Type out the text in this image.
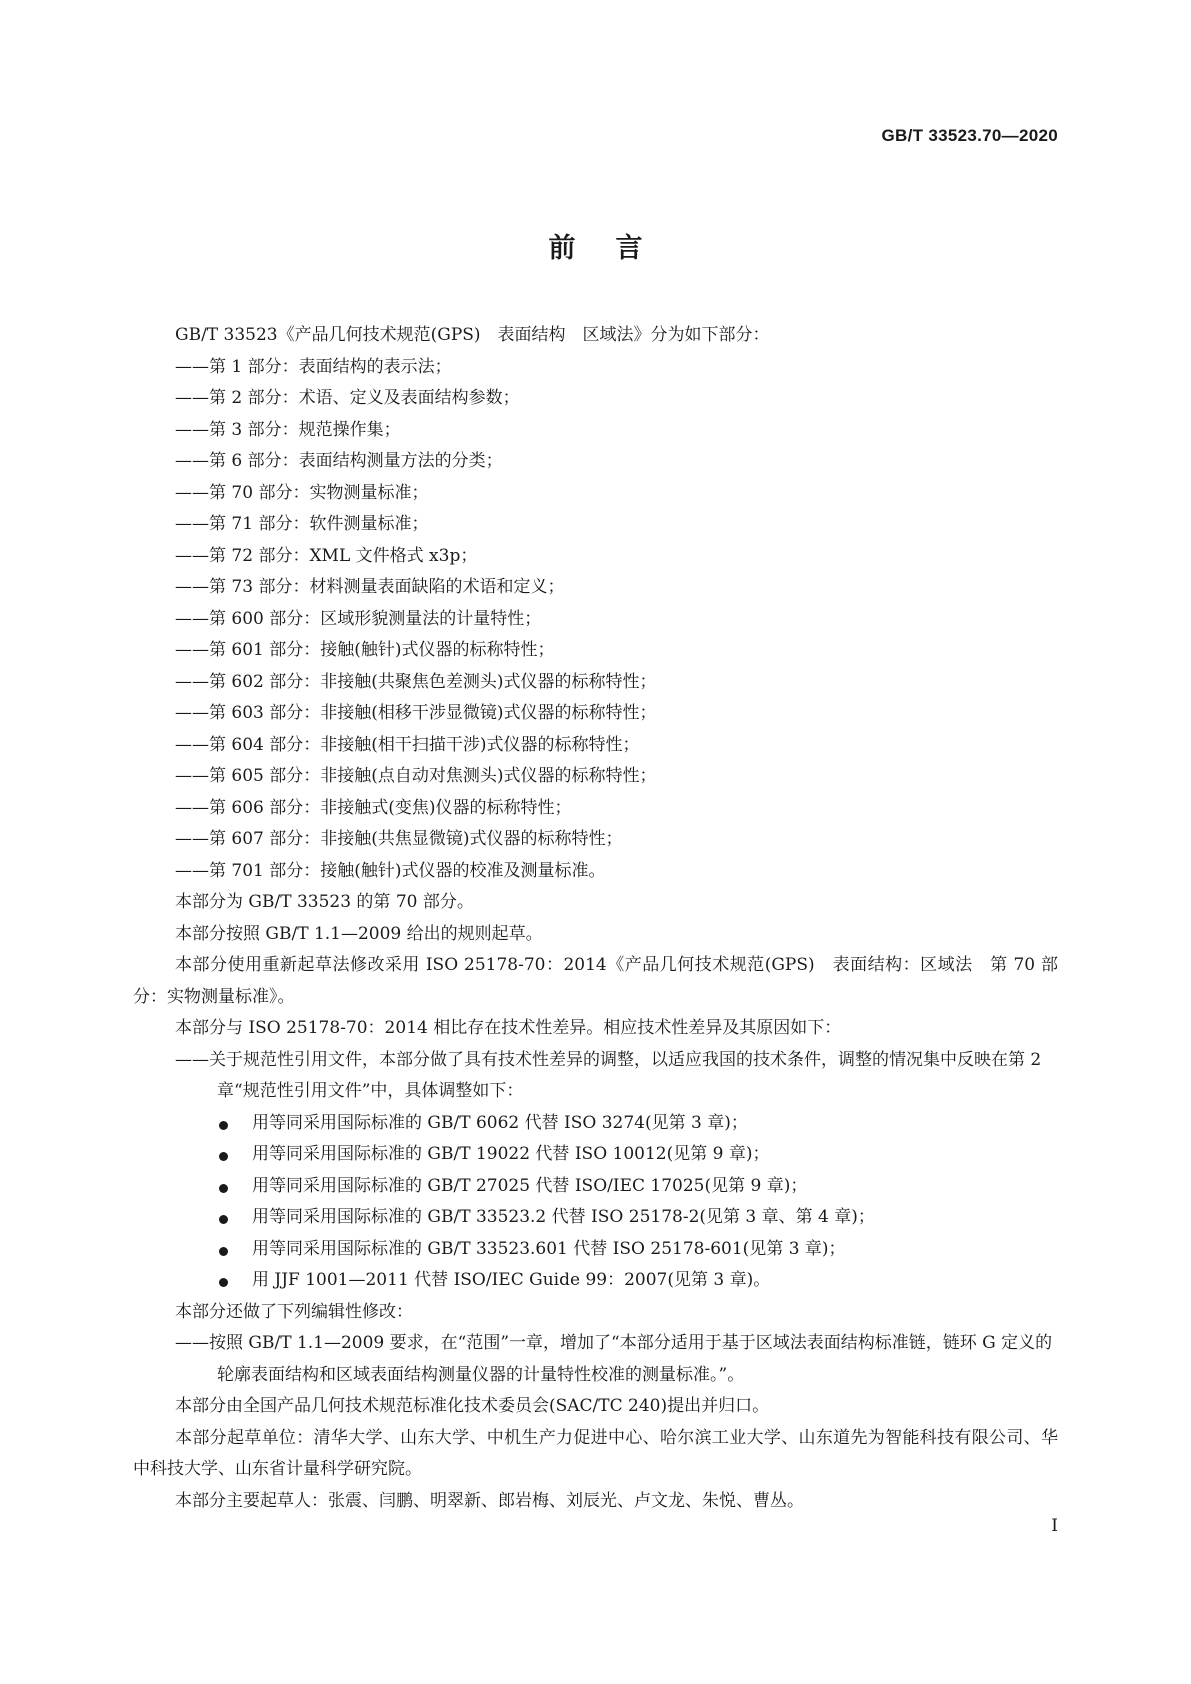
GB/T 33523.70—2020
前言

GB/T 33523《产品几何技术规范(GPS)　表面结构　区域法》分为如下部分：

——第 1 部分：表面结构的表示法；

——第 2 部分：术语、定义及表面结构参数；

——第 3 部分：规范操作集；

——第 6 部分：表面结构测量方法的分类；

——第 70 部分：实物测量标准；

——第 71 部分：软件测量标准；

——第 72 部分：XML 文件格式 x3p；

——第 73 部分：材料测量表面缺陷的术语和定义；

——第 600 部分：区域形貌测量法的计量特性；

——第 601 部分：接触(触针)式仪器的标称特性；

——第 602 部分：非接触(共聚焦色差测头)式仪器的标称特性；

——第 603 部分：非接触(相移干涉显微镜)式仪器的标称特性；

——第 604 部分：非接触(相干扫描干涉)式仪器的标称特性；

——第 605 部分：非接触(点自动对焦测头)式仪器的标称特性；

——第 606 部分：非接触式(变焦)仪器的标称特性；

——第 607 部分：非接触(共焦显微镜)式仪器的标称特性；

——第 701 部分：接触(触针)式仪器的校准及测量标准。

本部分为 GB/T 33523 的第 70 部分。

本部分按照 GB/T 1.1—2009 给出的规则起草。

本部分使用重新起草法修改采用 ISO 25178-70：2014《产品几何技术规范(GPS)　表面结构：区域法　第 70 部分：实物测量标准》。

本部分与 ISO 25178-70：2014 相比存在技术性差异。相应技术性差异及其原因如下：

——关于规范性引用文件，本部分做了具有技术性差异的调整，以适应我国的技术条件，调整的情况集中反映在第 2 章“规范性引用文件”中，具体调整如下：

用等同采用国际标准的 GB/T 6062 代替 ISO 3274(见第 3 章)；
用等同采用国际标准的 GB/T 19022 代替 ISO 10012(见第 9 章)；
用等同采用国际标准的 GB/T 27025 代替 ISO/IEC 17025(见第 9 章)；
用等同采用国际标准的 GB/T 33523.2 代替 ISO 25178-2(见第 3 章、第 4 章)；
用等同采用国际标准的 GB/T 33523.601 代替 ISO 25178-601(见第 3 章)；
用 JJF 1001—2011 代替 ISO/IEC Guide 99：2007(见第 3 章)。

本部分还做了下列编辑性修改：

——按照 GB/T 1.1—2009 要求，在“范围”一章，增加了“本部分适用于基于区域法表面结构标准链，链环 G 定义的轮廓表面结构和区域表面结构测量仪器的计量特性校准的测量标准。”。

本部分由全国产品几何技术规范标准化技术委员会(SAC/TC 240)提出并归口。

本部分起草单位：清华大学、山东大学、中机生产力促进中心、哈尔滨工业大学、山东道先为智能科技有限公司、华中科技大学、山东省计量科学研究院。

本部分主要起草人：张震、闫鹏、明翠新、郎岩梅、刘辰光、卢文龙、朱悦、曹丛。

I
